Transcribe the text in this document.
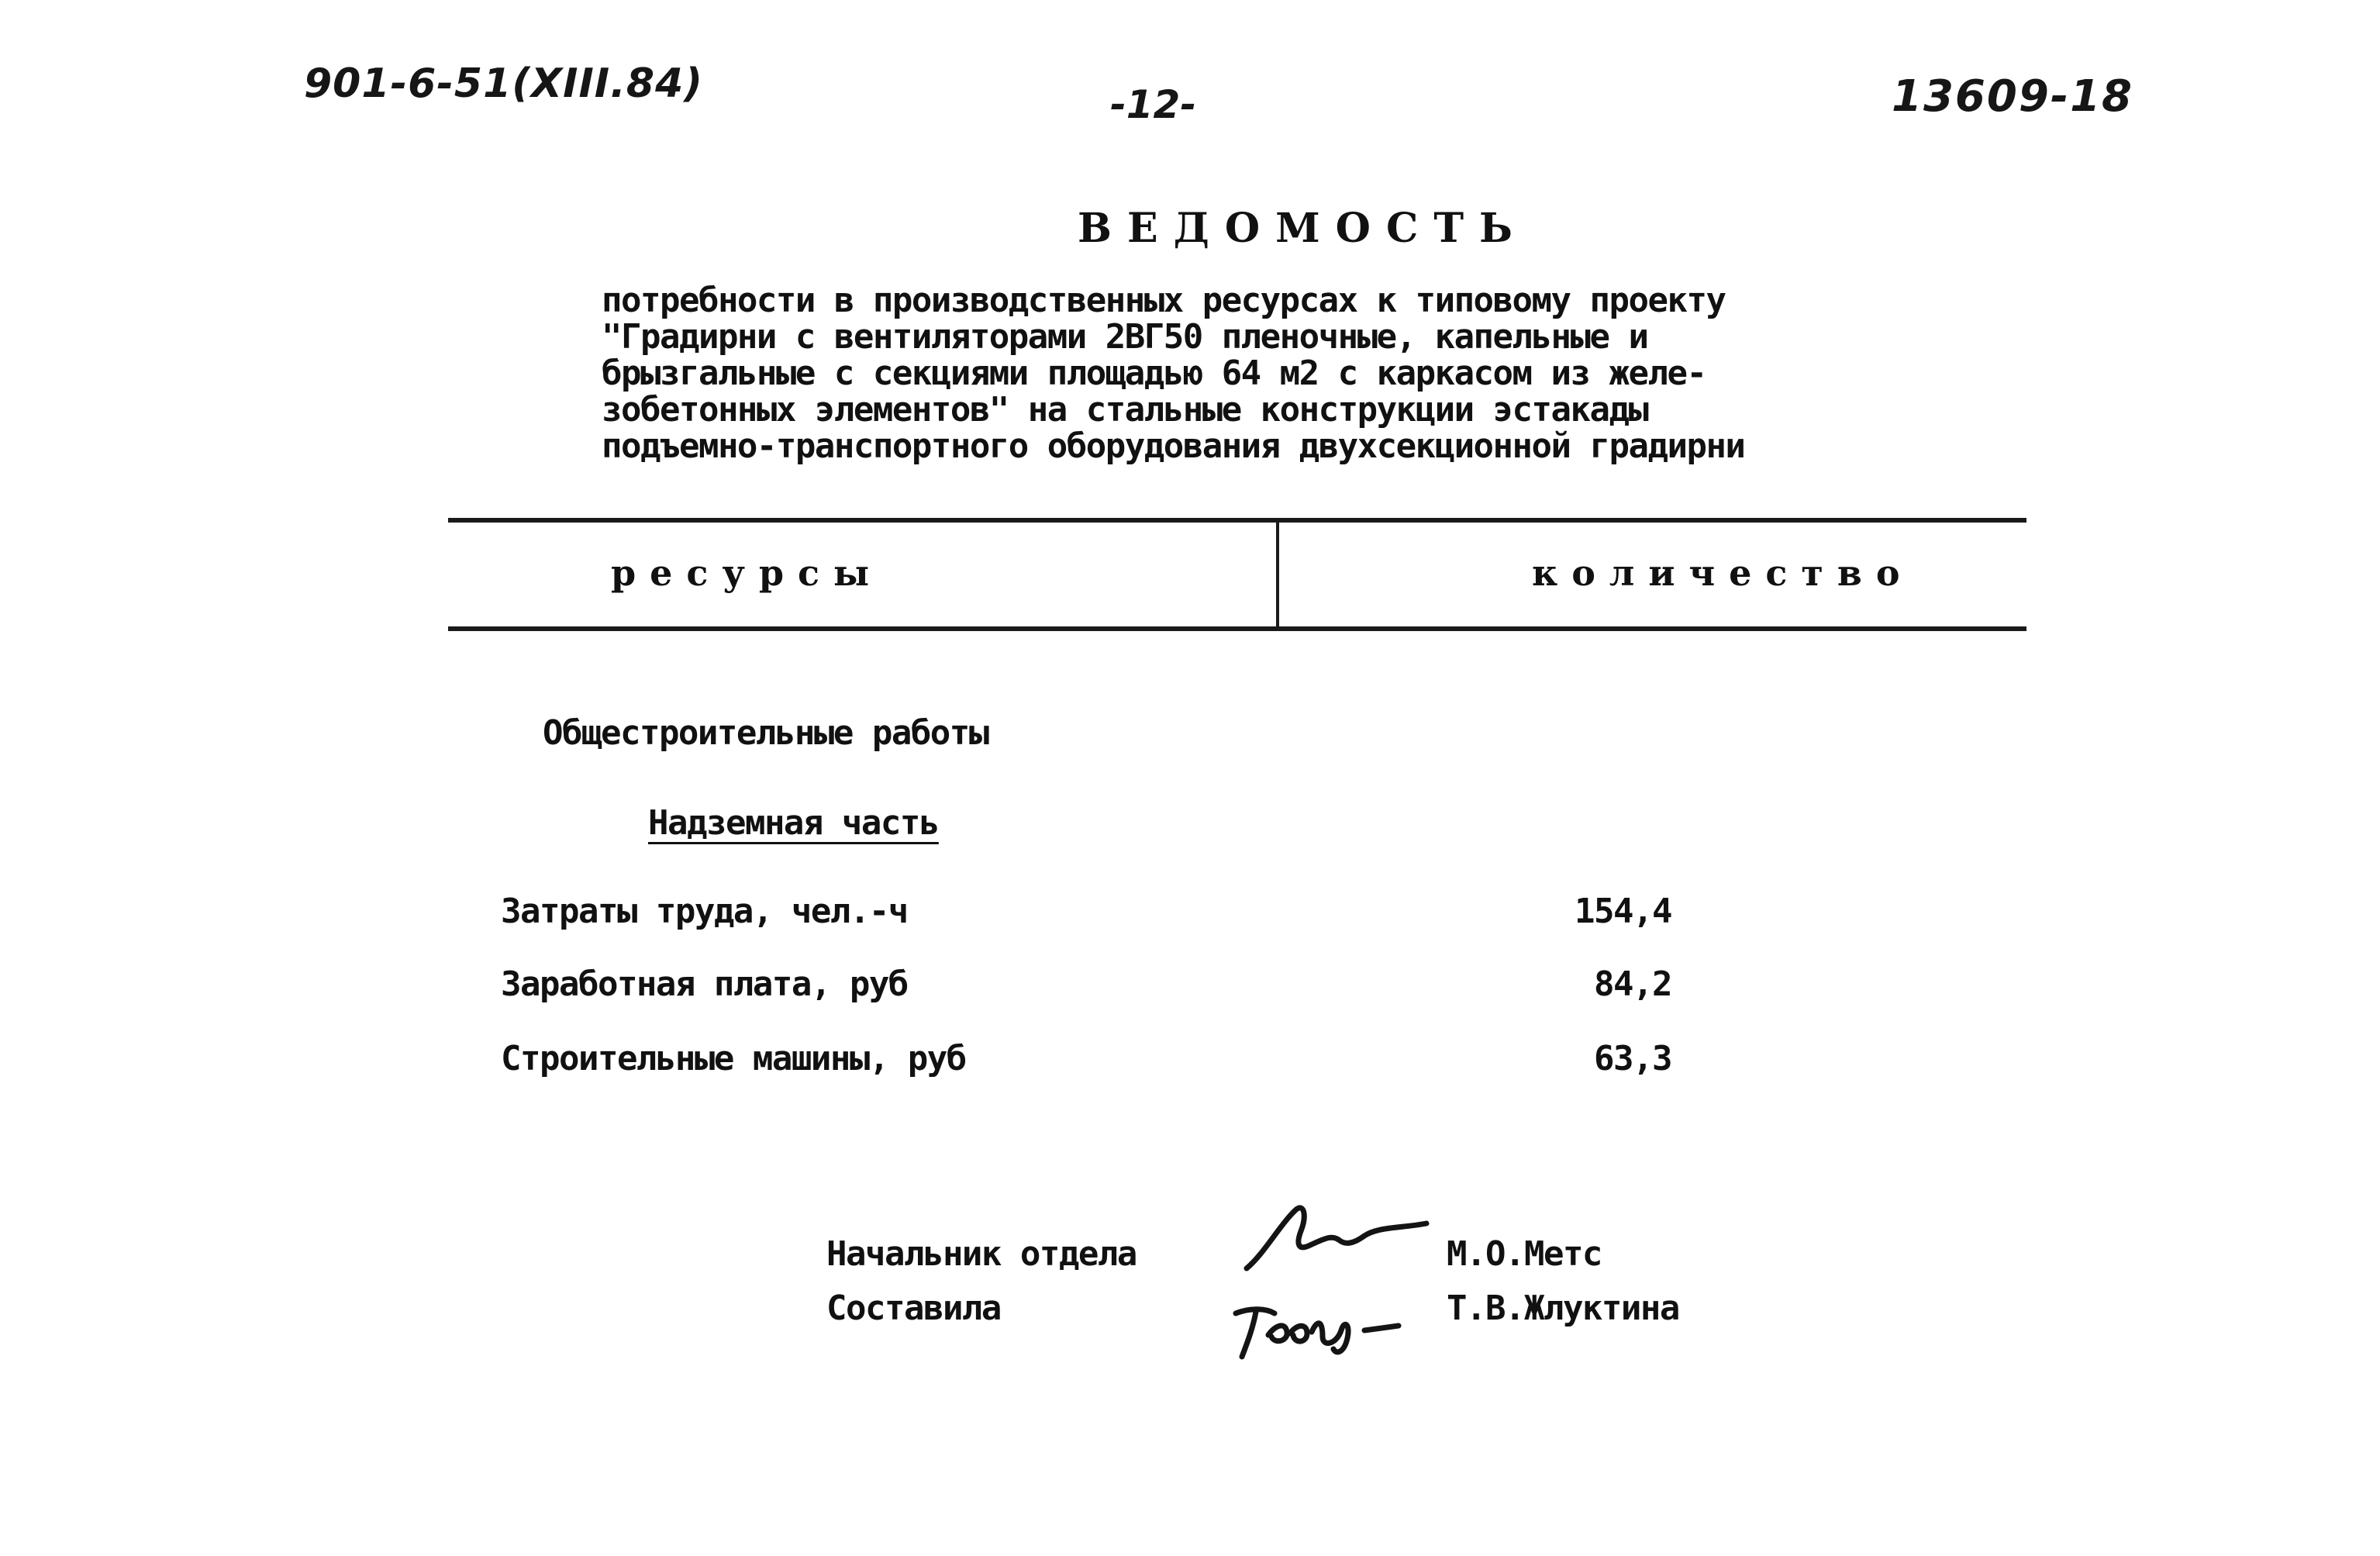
901-6-51(XIII.84)	-12-	13609-18
ВЕДОМОСТЬ
потребности в производственных ресурсах к типовому проекту
"Градирни с вентиляторами 2ВГ50 пленочные, капельные и
брызгальные с секциями площадью 64 м2 с каркасом из желе-
зобетонных элементов" на стальные конструкции эстакады
подъемно-транспортного оборудования двухсекционной градирни
ресурсы	количество
Общестроительные работы
Надземная часть
Затраты труда, чел.-ч	154,4
Заработная плата, руб	84,2
Строительные машины, руб	63,3
Начальник отдела	М.О.Метс
Составила	Т.В.Жлуктина
